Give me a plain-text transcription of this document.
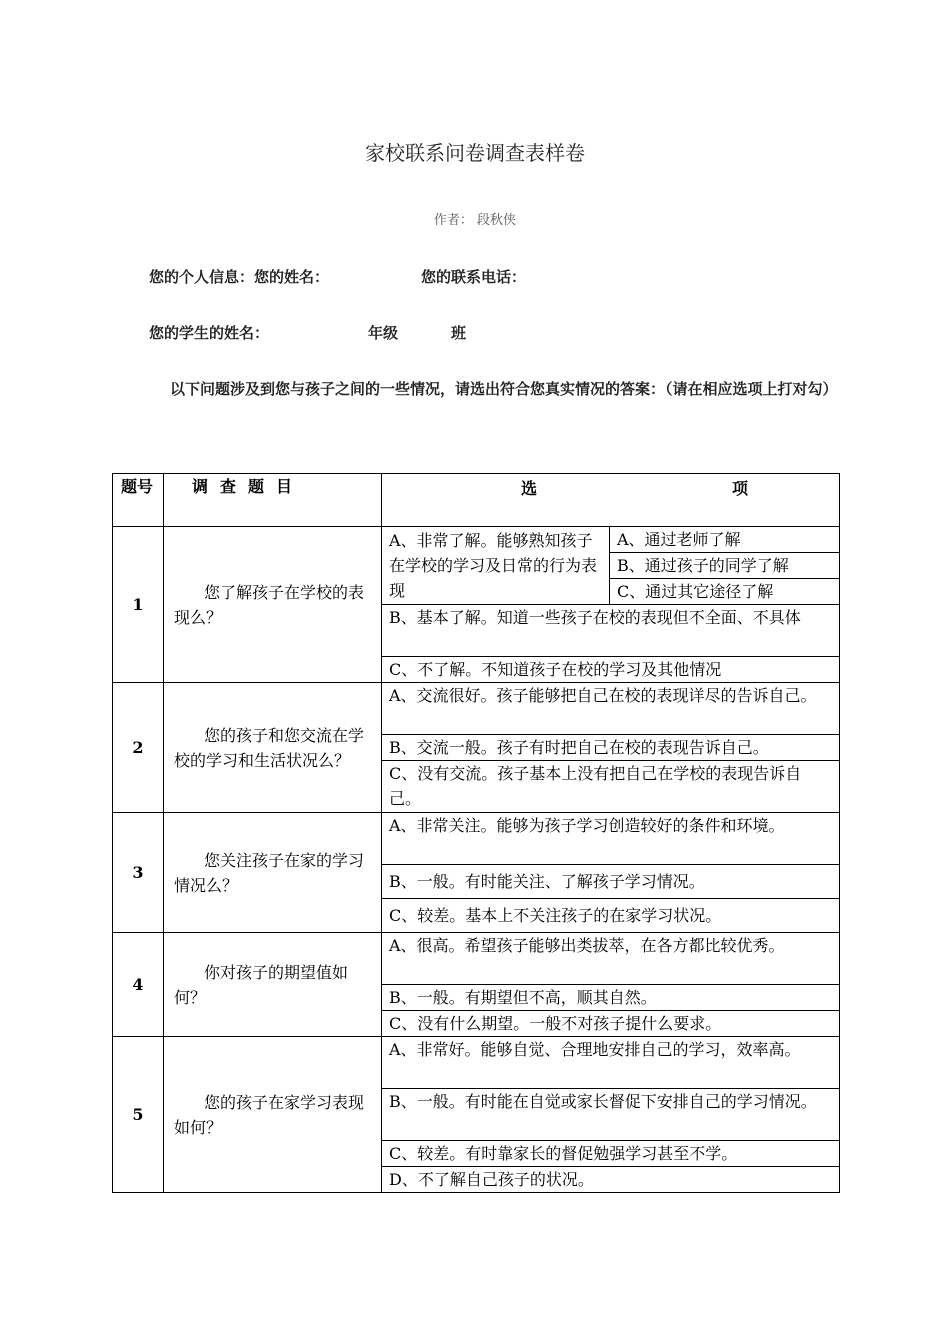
家校联系问卷调查表样卷
作者： 段秋侠
您的个人信息：您的姓名：	您的联系电话：
您的学生的姓名：	年级	班
以下问题涉及到您与孩子之间的一些情况，请选出符合您真实情况的答案：（请在相应选项上打对勾）
题号	调查题目	选 项	

1	您了解孩子在学校的表现么？	A、非常了解。能够熟知孩子在学校的学习及日常的行为表现	A、通过老师了解
			B、通过孩子的同学了解
			C、通过其它途径了解
		B、基本了解。知道一些孩子在校的表现但不全面、不具体	
		C、不了解。不知道孩子在校的学习及其他情况	
2	您的孩子和您交流在学校的学习和生活状况么？	A、交流很好。孩子能够把自己在校的表现详尽的告诉自己。	
		B、交流一般。孩子有时把自己在校的表现告诉自己。	
		C、没有交流。孩子基本上没有把自己在学校的表现告诉自己。	
3	您关注孩子在家的学习情况么？	A、非常关注。能够为孩子学习创造较好的条件和环境。	
		B、一般。有时能关注、了解孩子学习情况。	
		C、较差。基本上不关注孩子的在家学习状况。	
4	你对孩子的期望值如何？	A、很高。希望孩子能够出类拔萃，在各方都比较优秀。	
		B、一般。有期望但不高，顺其自然。	
		C、没有什么期望。一般不对孩子提什么要求。	
5	您的孩子在家学习表现如何？	A、非常好。能够自觉、合理地安排自己的学习，效率高。	
		B、一般。有时能在自觉或家长督促下安排自己的学习情况。	
		C、较差。有时靠家长的督促勉强学习甚至不学。	
		D、不了解自己孩子的状况。	
